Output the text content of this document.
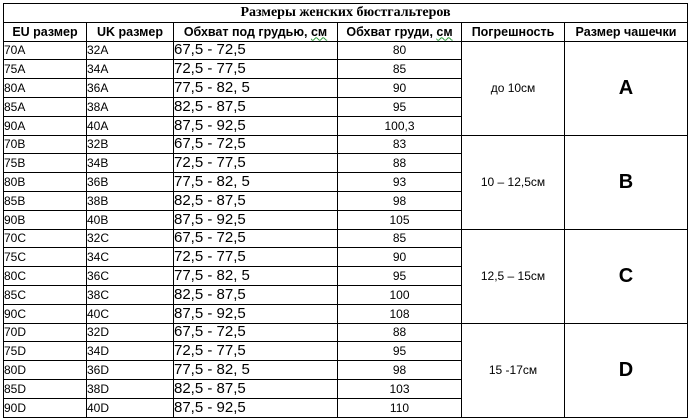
Размеры женских бюстгальтеров					
EU размер	UK размер	Обхват под грудью, см	Обхват груди, см	Погрешность	Размер чашечки
70A	32A	67,5 - 72,5	80	до 10см	A
75A	34A	72,5 - 77,5	85		
80A	36A	77,5 - 82, 5	90		
85A	38A	82,5 - 87,5	95		
90A	40A	87,5 - 92,5	100,3		
70B	32B	67,5 - 72,5	83	10 – 12,5см	B
75B	34B	72,5 - 77,5	88		
80B	36B	77,5 - 82, 5	93		
85B	38B	82,5 - 87,5	98		
90B	40B	87,5 - 92,5	105		
70C	32C	67,5 - 72,5	85	12,5 – 15см	C
75C	34C	72,5 - 77,5	90		
80C	36C	77,5 - 82, 5	95		
85C	38C	82,5 - 87,5	100		
90C	40C	87,5 - 92,5	108		
70D	32D	67,5 - 72,5	88	15 -17см	D
75D	34D	72,5 - 77,5	95		
80D	36D	77,5 - 82, 5	98		
85D	38D	82,5 - 87,5	103		
90D	40D	87,5 - 92,5	110		
